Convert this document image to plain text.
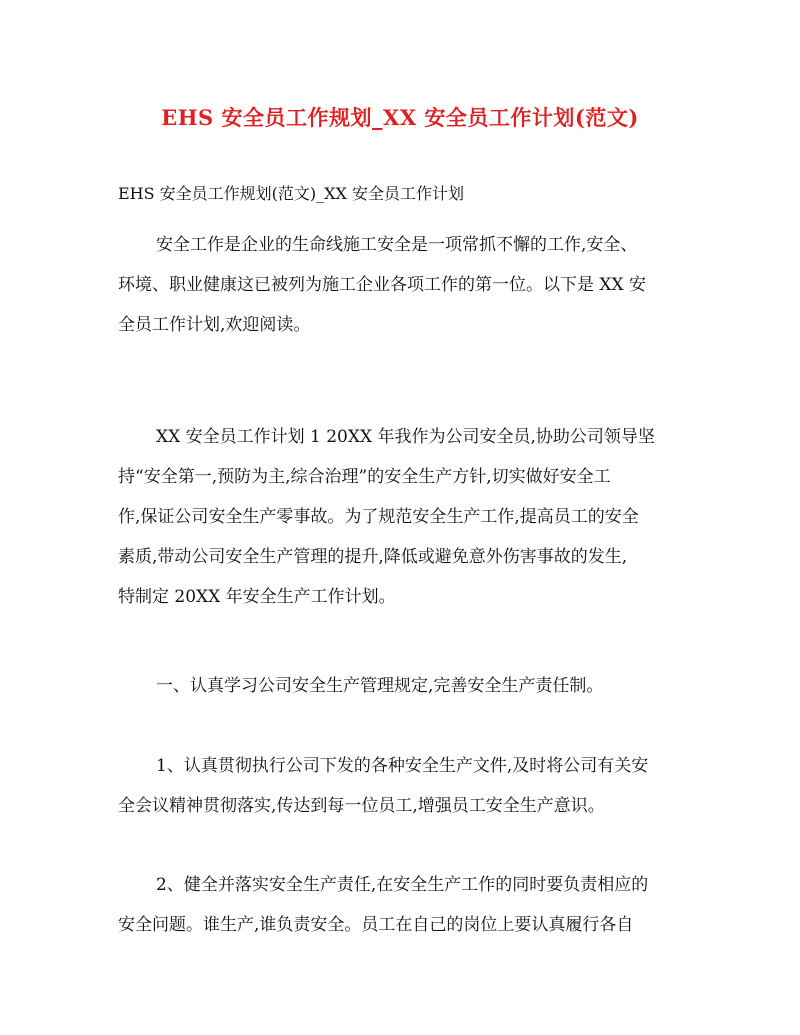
EHS 安全员工作规划_XX 安全员工作计划(范文)
EHS 安全员工作规划(范文)_XX 安全员工作计划
安全工作是企业的生命线施工安全是一项常抓不懈的工作,安全、
环境、职业健康这已被列为施工企业各项工作的第一位。以下是 XX 安
全员工作计划,欢迎阅读。
XX 安全员工作计划 1 20XX 年我作为公司安全员,协助公司领导坚
持“安全第一,预防为主,综合治理”的安全生产方针,切实做好安全工
作,保证公司安全生产零事故。为了规范安全生产工作,提高员工的安全
素质,带动公司安全生产管理的提升,降低或避免意外伤害事故的发生,
特制定 20XX 年安全生产工作计划。
一、认真学习公司安全生产管理规定,完善安全生产责任制。
1、认真贯彻执行公司下发的各种安全生产文件,及时将公司有关安
全会议精神贯彻落实,传达到每一位员工,增强员工安全生产意识。
2、健全并落实安全生产责任,在安全生产工作的同时要负责相应的
安全问题。谁生产,谁负责安全。员工在自己的岗位上要认真履行各自
